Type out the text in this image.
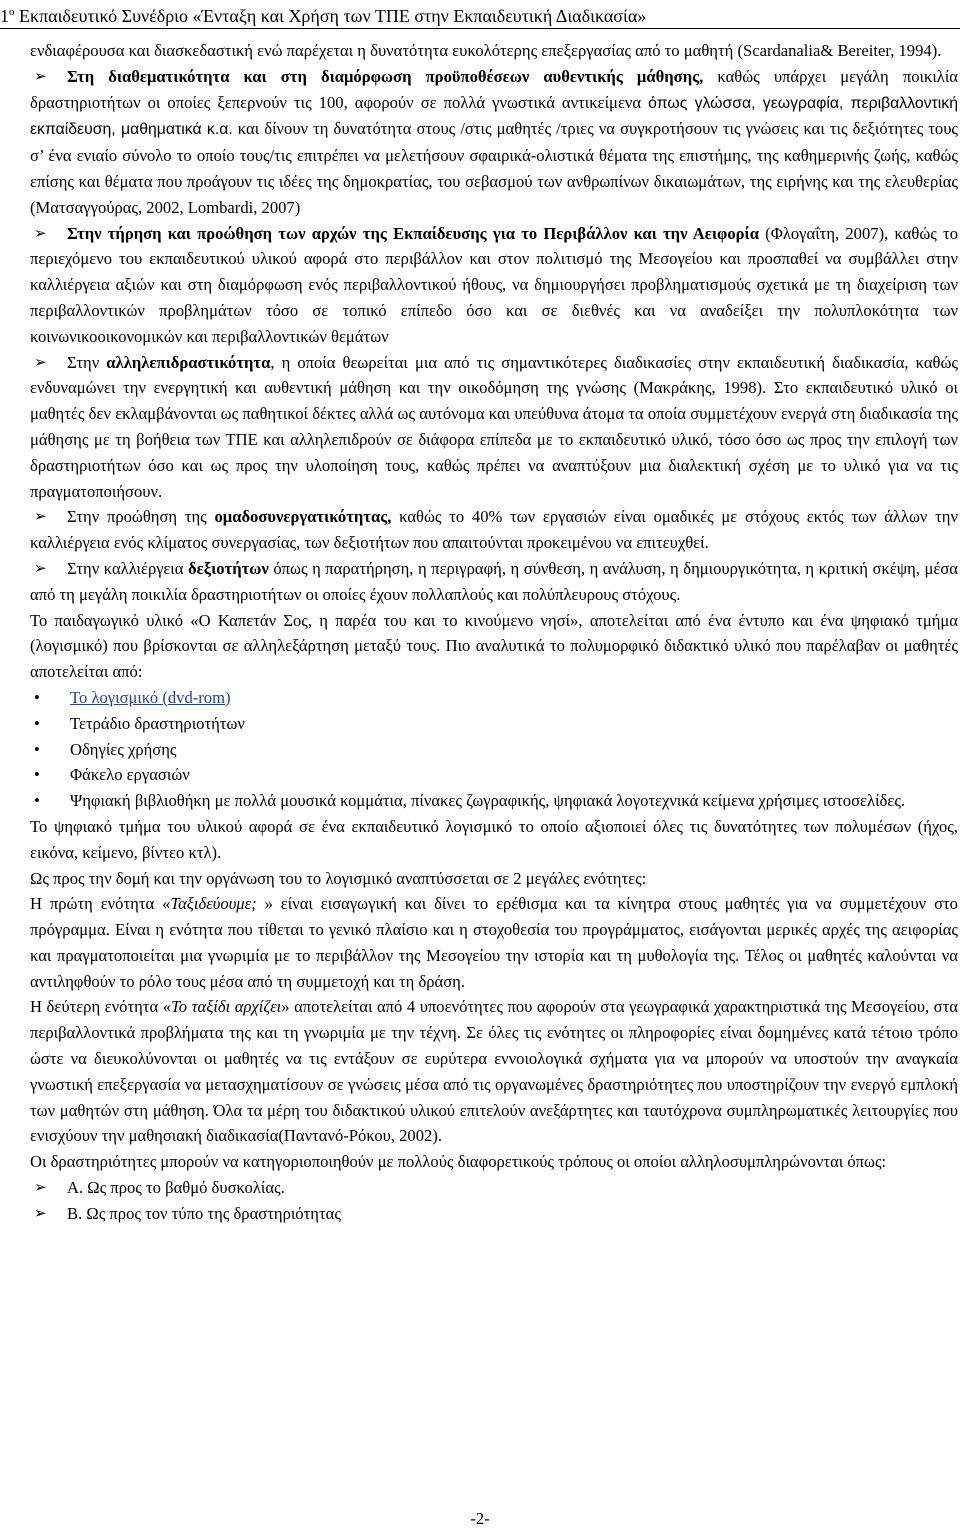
$1^o$ Εκπαιδευτικό Συνέδριο «Ένταξη και Χρήση των ΤΠΕ στην Εκπαιδευτική Διαδικασία»

ενδιαφέρουσα και διασκεδαστική ενώ παρέχεται η δυνατότητα ευκολότερης επεξεργασίας από το μαθητή (Scardanalia& Bereiter, 1994).

➢ Στη διαθεματικότητα και στη διαμόρφωση προϋποθέσεων αυθεντικής μάθησης, καθώς υπάρχει μεγάλη ποικιλία δραστηριοτήτων οι οποίες ξεπερνούν τις 100, αφορούν σε πολλά γνωστικά αντικείμενα όπως γλώσσα, γεωγραφία, περιβαλλοντική εκπαίδευση, μαθηματικά κ.α. και δίνουν τη δυνατότητα στους /στις μαθητές /τριες να συγκροτήσουν τις γνώσεις και τις δεξιότητες τους σ’ ένα ενιαίο σύνολο το οποίο τους/τις επιτρέπει να μελετήσουν σφαιρικά-ολιστικά θέματα της επιστήμης, της καθημερινής ζωής, καθώς επίσης και θέματα που προάγουν τις ιδέες της δημοκρατίας, του σεβασμού των ανθρωπίνων δικαιωμάτων, της ειρήνης και της ελευθερίας (Ματσαγγούρας, 2002, Lombardi, 2007)

➢ Στην τήρηση και προώθηση των αρχών της Εκπαίδευσης για το Περιβάλλον και την Αειφορία (Φλογαΐτη, 2007), καθώς το περιεχόμενο του εκπαιδευτικού υλικού αφορά στο περιβάλλον και στον πολιτισμό της Μεσογείου και προσπαθεί να συμβάλλει στην καλλιέργεια αξιών και στη διαμόρφωση ενός περιβαλλοντικού ήθους, να δημιουργήσει προβληματισμούς σχετικά με τη διαχείριση των περιβαλλοντικών προβλημάτων τόσο σε τοπικό επίπεδο όσο και σε διεθνές και να αναδείξει την πολυπλοκότητα των κοινωνικοοικονομικών και περιβαλλοντικών θεμάτων

➢ Στην αλληλεπιδραστικότητα, η οποία θεωρείται μια από τις σημαντικότερες διαδικασίες στην εκπαιδευτική διαδικασία, καθώς ενδυναμώνει την ενεργητική και αυθεντική μάθηση και την οικοδόμηση της γνώσης (Μακράκης, 1998). Στο εκπαιδευτικό υλικό οι μαθητές δεν εκλαμβάνονται ως παθητικοί δέκτες αλλά ως αυτόνομα και υπεύθυνα άτομα τα οποία συμμετέχουν ενεργά στη διαδικασία της μάθησης με τη βοήθεια των ΤΠΕ και αλληλεπιδρούν σε διάφορα επίπεδα με το εκπαιδευτικό υλικό, τόσο όσο ως προς την επιλογή των δραστηριοτήτων όσο και ως προς την υλοποίηση τους, καθώς πρέπει να αναπτύξουν μια διαλεκτική σχέση με το υλικό για να τις πραγματοποιήσουν.

➢ Στην προώθηση της ομαδοσυνεργατικότητας, καθώς το 40% των εργασιών είναι ομαδικές με στόχους εκτός των άλλων την καλλιέργεια ενός κλίματος συνεργασίας, των δεξιοτήτων που απαιτούνται προκειμένου να επιτευχθεί.

➢ Στην καλλιέργεια δεξιοτήτων όπως η παρατήρηση, η περιγραφή, η σύνθεση, η ανάλυση, η δημιουργικότητα, η κριτική σκέψη, μέσα από τη μεγάλη ποικιλία δραστηριοτήτων οι οποίες έχουν πολλαπλούς και πολύπλευρους στόχους.

Το παιδαγωγικό υλικό «Ο Καπετάν Σος, η παρέα του και το κινούμενο νησί», αποτελείται από ένα έντυπο και ένα ψηφιακό τμήμα (λογισμικό) που βρίσκονται σε αλληλεξάρτηση μεταξύ τους. Πιο αναλυτικά το πολυμορφικό διδακτικό υλικό που παρέλαβαν οι μαθητές αποτελείται από:

• Το λογισμικό (dvd-rom)

• Τετράδιο δραστηριοτήτων

• Οδηγίες χρήσης

• Φάκελο εργασιών

• Ψηφιακή βιβλιοθήκη με πολλά μουσικά κομμάτια, πίνακες ζωγραφικής, ψηφιακά λογοτεχνικά κείμενα χρήσιμες ιστοσελίδες.

Το ψηφιακό τμήμα του υλικού αφορά σε ένα εκπαιδευτικό λογισμικό το οποίο αξιοποιεί όλες τις δυνατότητες των πολυμέσων (ήχος, εικόνα, κείμενο, βίντεο κτλ).

Ως προς την δομή και την οργάνωση του το λογισμικό αναπτύσσεται σε 2 μεγάλες ενότητες:

Η πρώτη ενότητα «Ταξιδεύουμε; » είναι εισαγωγική και δίνει το ερέθισμα και τα κίνητρα στους μαθητές για να συμμετέχουν στο πρόγραμμα. Είναι η ενότητα που τίθεται το γενικό πλαίσιο και η στοχοθεσία του προγράμματος, εισάγονται μερικές αρχές της αειφορίας και πραγματοποιείται μια γνωριμία με το περιβάλλον της Μεσογείου την ιστορία και τη μυθολογία της. Τέλος οι μαθητές καλούνται να αντιληφθούν το ρόλο τους μέσα από τη συμμετοχή και τη δράση.

Η δεύτερη ενότητα «Το ταξίδι αρχίζει» αποτελείται από 4 υποενότητες που αφορούν στα γεωγραφικά χαρακτηριστικά της Μεσογείου, στα περιβαλλοντικά προβλήματα της και τη γνωριμία με την τέχνη. Σε όλες τις ενότητες οι πληροφορίες είναι δομημένες κατά τέτοιο τρόπο ώστε να διευκολύνονται οι μαθητές να τις εντάξουν σε ευρύτερα εννοιολογικά σχήματα για να μπορούν να υποστούν την αναγκαία γνωστική επεξεργασία να μετασχηματίσουν σε γνώσεις μέσα από τις οργανωμένες δραστηριότητες που υποστηρίζουν την ενεργό εμπλοκή των μαθητών στη μάθηση. Όλα τα μέρη του διδακτικού υλικού επιτελούν ανεξάρτητες και ταυτόχρονα συμπληρωματικές λειτουργίες που ενισχύουν την μαθησιακή διαδικασία(Παντανό-Ρόκου, 2002).

Οι δραστηριότητες μπορούν να κατηγοριοποιηθούν με πολλούς διαφορετικούς τρόπους οι οποίοι αλληλοσυμπληρώνονται όπως:

➢ Α. Ως προς το βαθμό δυσκολίας.

➢ Β. Ως προς τον τύπο της δραστηριότητας

-2-
